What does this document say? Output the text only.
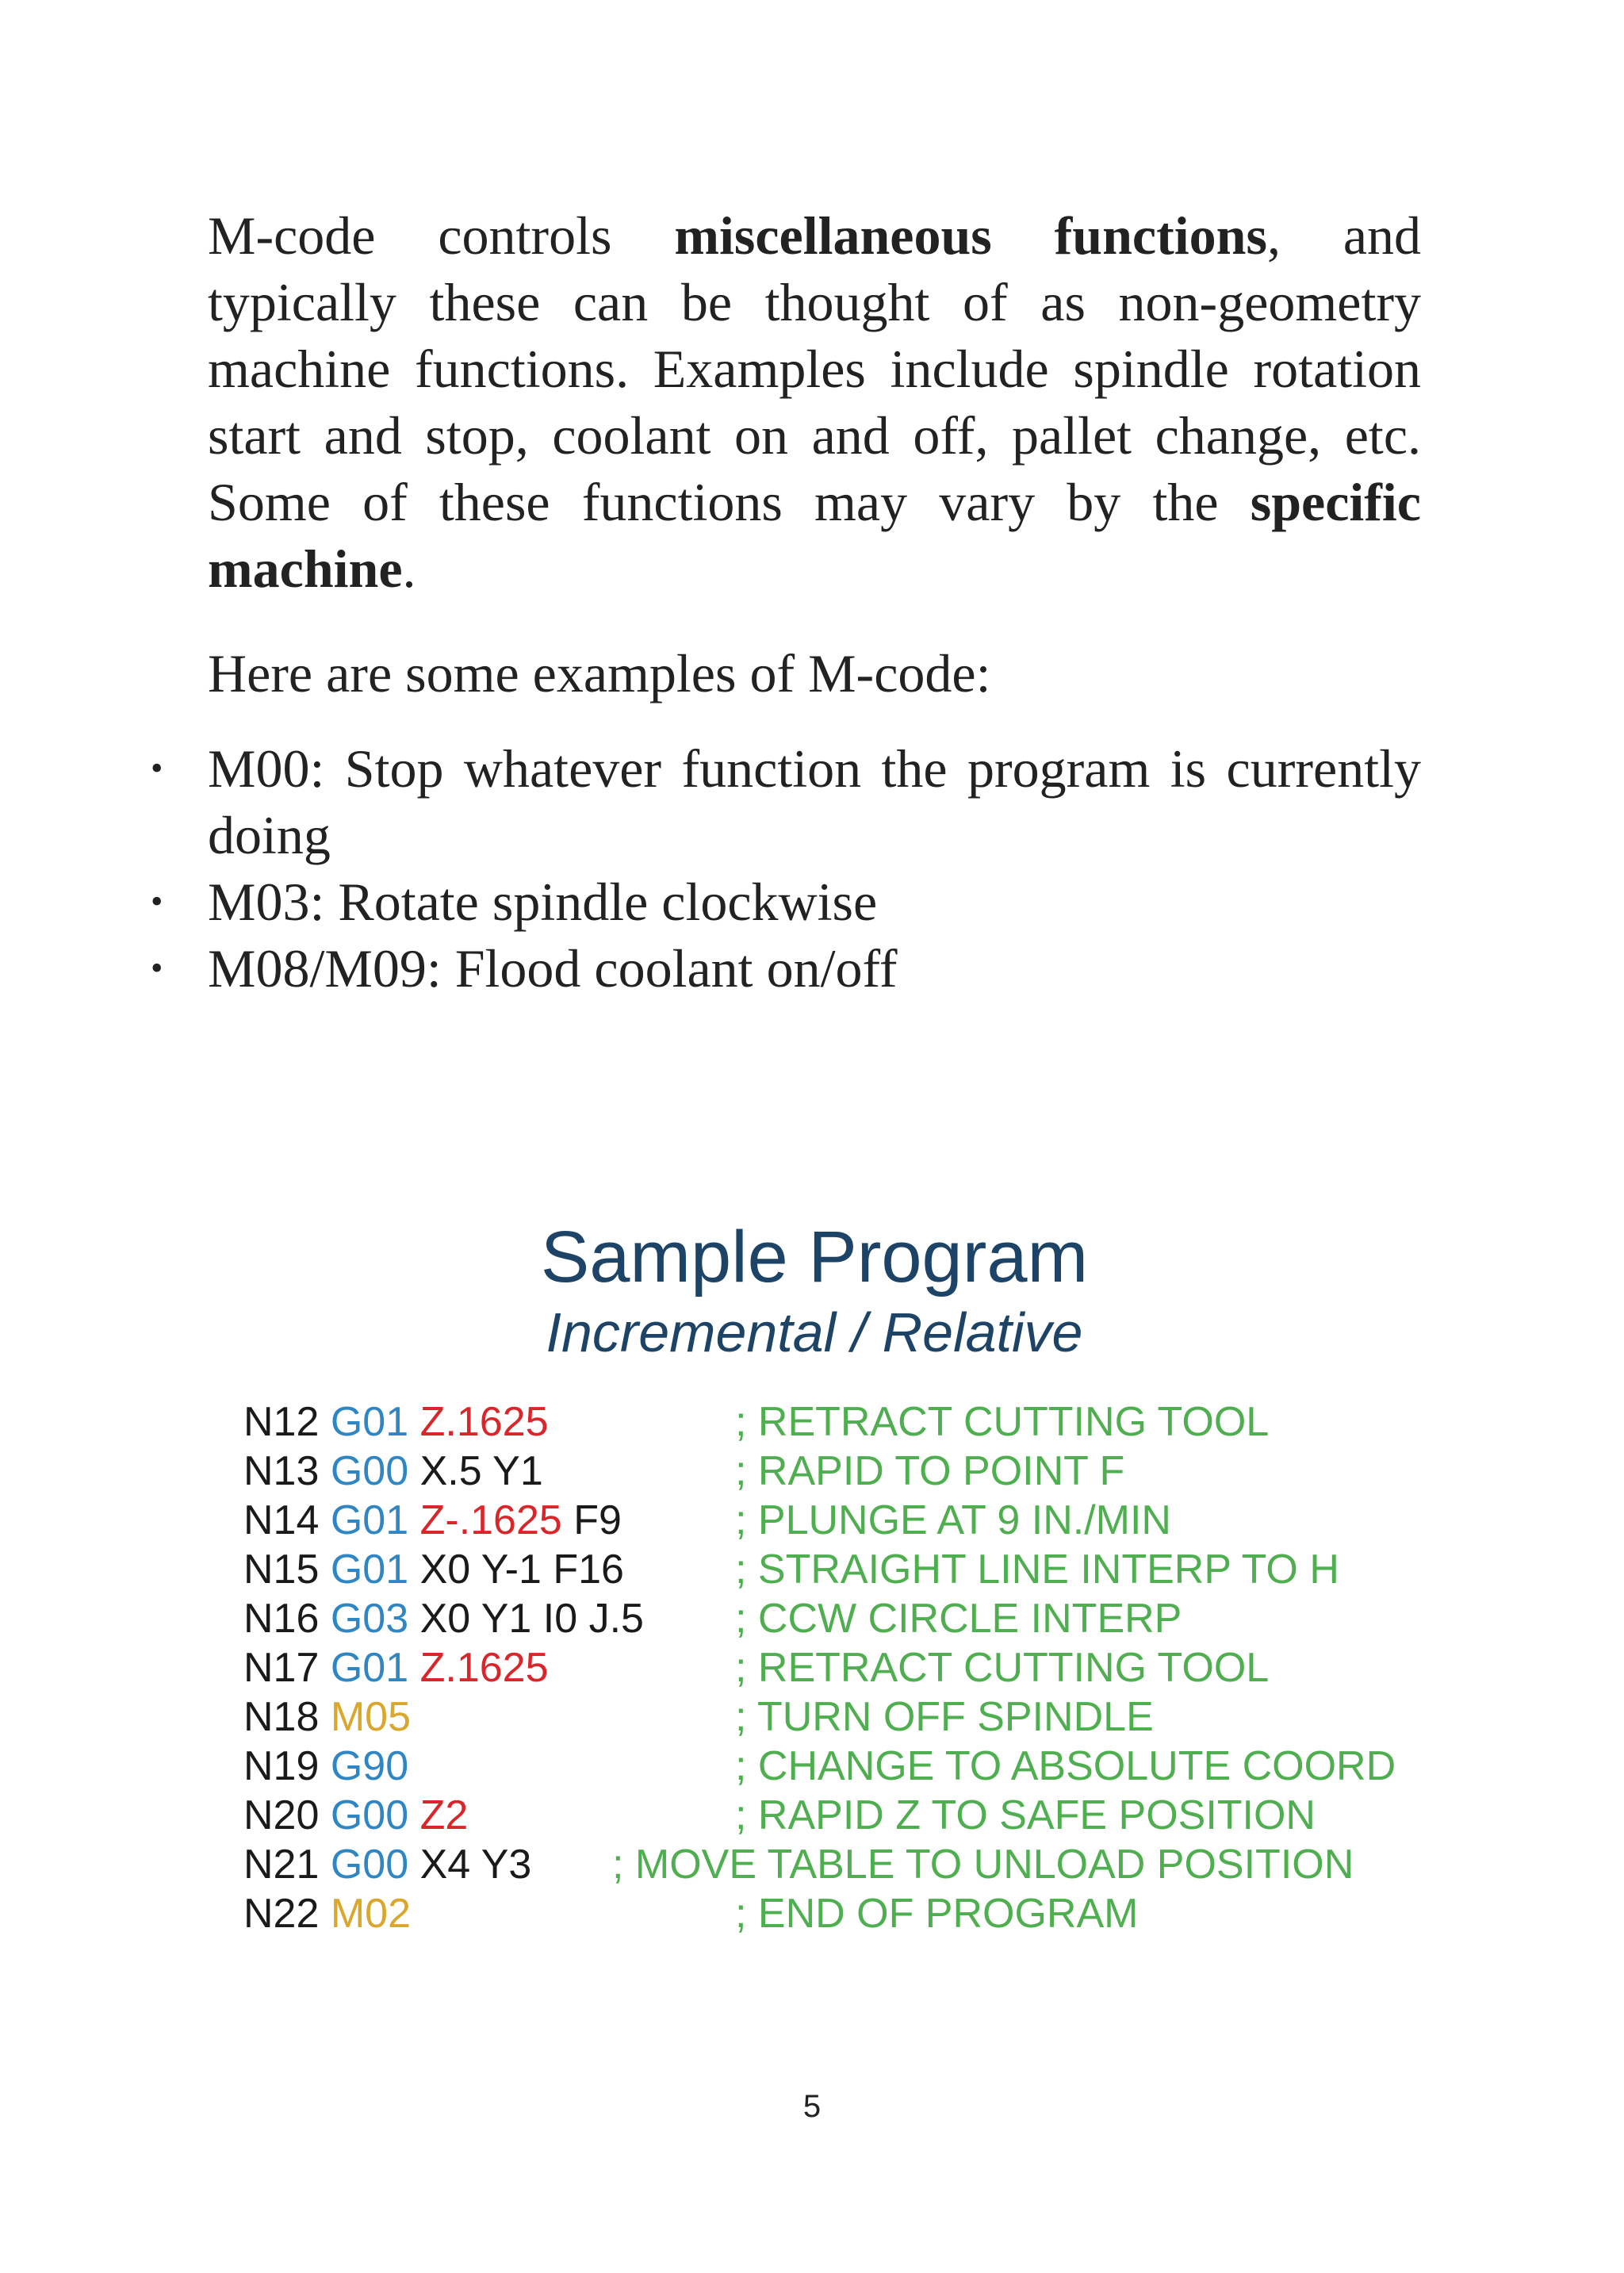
M-code controls miscellaneous functions, and typically these can be thought of as non-geometry machine functions. Examples include spindle rotation start and stop, coolant on and off, pallet change, etc. Some of these functions may vary by the specific machine.

Here are some examples of M-code:

• M00: Stop whatever function the program is currently doing
• M03: Rotate spindle clockwise
• M08/M09: Flood coolant on/off
Sample Program
Incremental / Relative
N12 G01 Z.1625	; RETRACT CUTTING TOOL
N13 G00 X.5 Y1	; RAPID TO POINT F
N14 G01 Z-.1625 F9	; PLUNGE AT 9 IN./MIN
N15 G01 X0 Y-1 F16	; STRAIGHT LINE INTERP TO H
N16 G03 X0 Y1 I0 J.5 ; CCW CIRCLE INTERP
N17 G01 Z.1625	; RETRACT CUTTING TOOL
N18 M05	; TURN OFF SPINDLE
N19 G90	; CHANGE TO ABSOLUTE COORD
N20 G00 Z2	; RAPID Z TO SAFE POSITION
N21 G00 X4 Y3 ; MOVE TABLE TO UNLOAD POSITION
N22 M02	; END OF PROGRAM
5
